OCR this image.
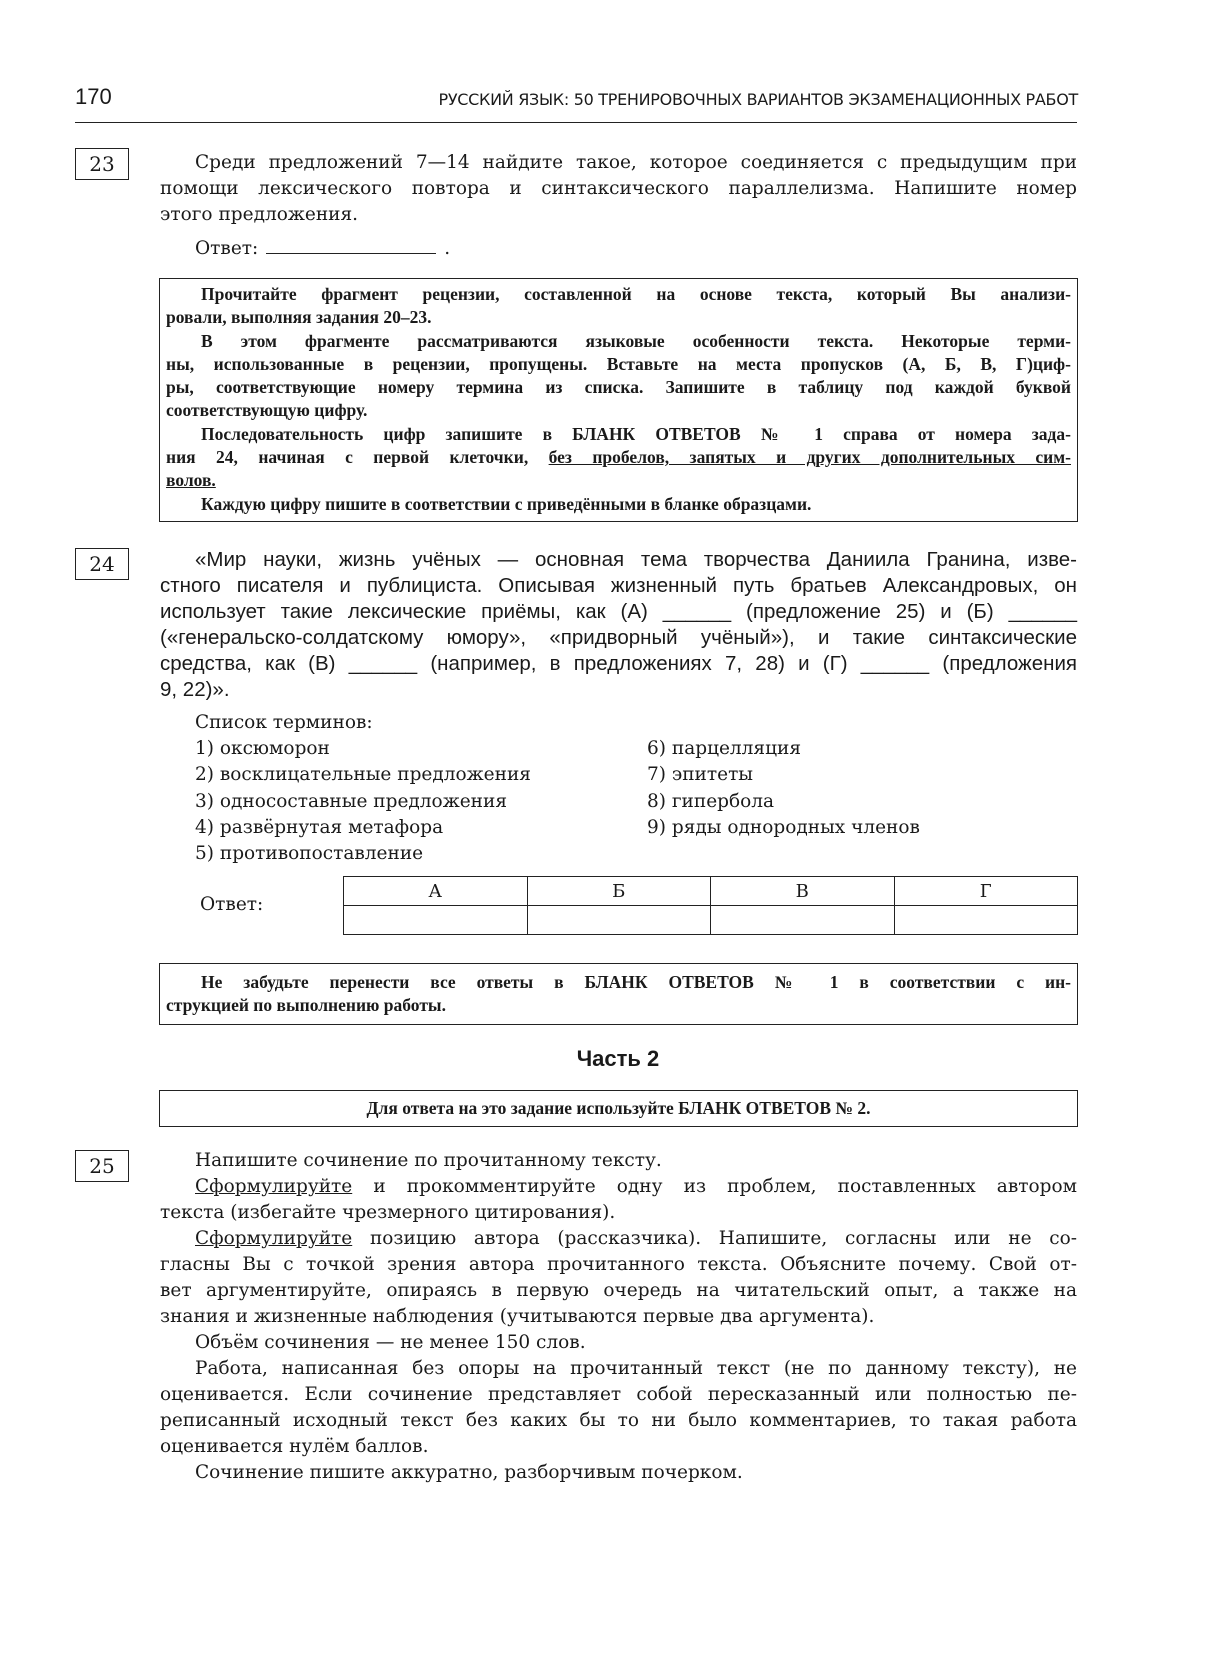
170	РУССКИЙ ЯЗЫК: 50 ТРЕНИРОВОЧНЫХ ВАРИАНТОВ ЭКЗАМЕНАЦИОННЫХ РАБОТ
23	Среди предложений 7—14 найдите такое, которое соединяется с предыдущим при
помощи лексического повтора и синтаксического параллелизма. Напишите номер
этого предложения.
Ответ:	.
Прочитайте фрагмент рецензии, составленной на основе текста, который Вы анализи-
ровали, выполняя задания 20–23.
В этом фрагменте рассматриваются языковые особенности текста. Некоторые терми-
ны, использованные в рецензии, пропущены. Вставьте на места пропусков (А, Б, В, Г)циф-
ры, соответствующие номеру термина из списка. Запишите в таблицу под каждой буквой
соответствующую цифру.
Последовательность цифр запишите в БЛАНК ОТВЕТОВ № 1 справа от номера зада-
ния 24, начиная с первой клеточки, без пробелов, запятых и других дополнительных сим-
волов.
Каждую цифру пишите в соответствии с приведёнными в бланке образцами.
24	«Мир науки, жизнь учёных — основная тема творчества Даниила Гранина, изве-
стного писателя и публициста. Описывая жизненный путь братьев Александровых, он
использует такие лексические приёмы, как (А) ______ (предложение 25) и (Б) ______
(«генеральско-солдатскому юмору», «придворный учёный»), и такие синтаксические
средства, как (В) ______ (например, в предложениях 7, 28) и (Г) ______ (предложения
9, 22)».
Список терминов:
1) оксюморон
2) восклицательные предложения
3) односоставные предложения
4) развёрнутая метафора
5) противопоставление
6) парцелляция
7) эпитеты
8) гипербола
9) ряды однородных членов
Ответ:
А	Б	В	Г

Не забудьте перенести все ответы в БЛАНК ОТВЕТОВ № 1 в соответствии с ин-
струкцией по выполнению работы.
Часть 2
Для ответа на это задание используйте БЛАНК ОТВЕТОВ № 2.
25	Напишите сочинение по прочитанному тексту.
Сформулируйте и прокомментируйте одну из проблем, поставленных автором
текста (избегайте чрезмерного цитирования).
Сформулируйте позицию автора (рассказчика). Напишите, согласны или не со-
гласны Вы с точкой зрения автора прочитанного текста. Объясните почему. Свой от-
вет аргументируйте, опираясь в первую очередь на читательский опыт, а также на
знания и жизненные наблюдения (учитываются первые два аргумента).
Объём сочинения — не менее 150 слов.
Работа, написанная без опоры на прочитанный текст (не по данному тексту), не
оценивается. Если сочинение представляет собой пересказанный или полностью пе-
реписанный исходный текст без каких бы то ни было комментариев, то такая работа
оценивается нулём баллов.
Сочинение пишите аккуратно, разборчивым почерком.
